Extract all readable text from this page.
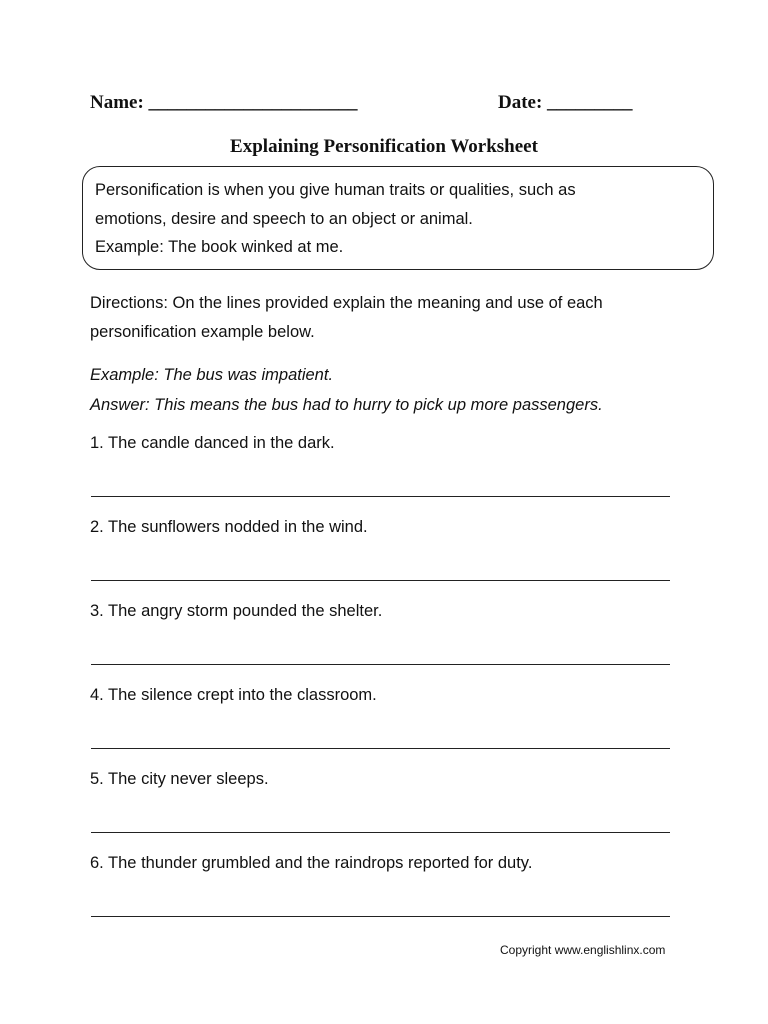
Name: ______________________	Date: _________
Explaining Personification Worksheet

Personification is when you give human traits or qualities, such as

emotions, desire and speech to an object or animal.

Example: The book winked at me.

Directions: On the lines provided explain the meaning and use of each

personification example below.

Example: The bus was impatient.

Answer: This means the bus had to hurry to pick up more passengers.

1. The candle danced in the dark.
2. The sunflowers nodded in the wind.
3. The angry storm pounded the shelter.
4. The silence crept into the classroom.
5. The city never sleeps.
6. The thunder grumbled and the raindrops reported for duty.
Copyright www.englishlinx.com
